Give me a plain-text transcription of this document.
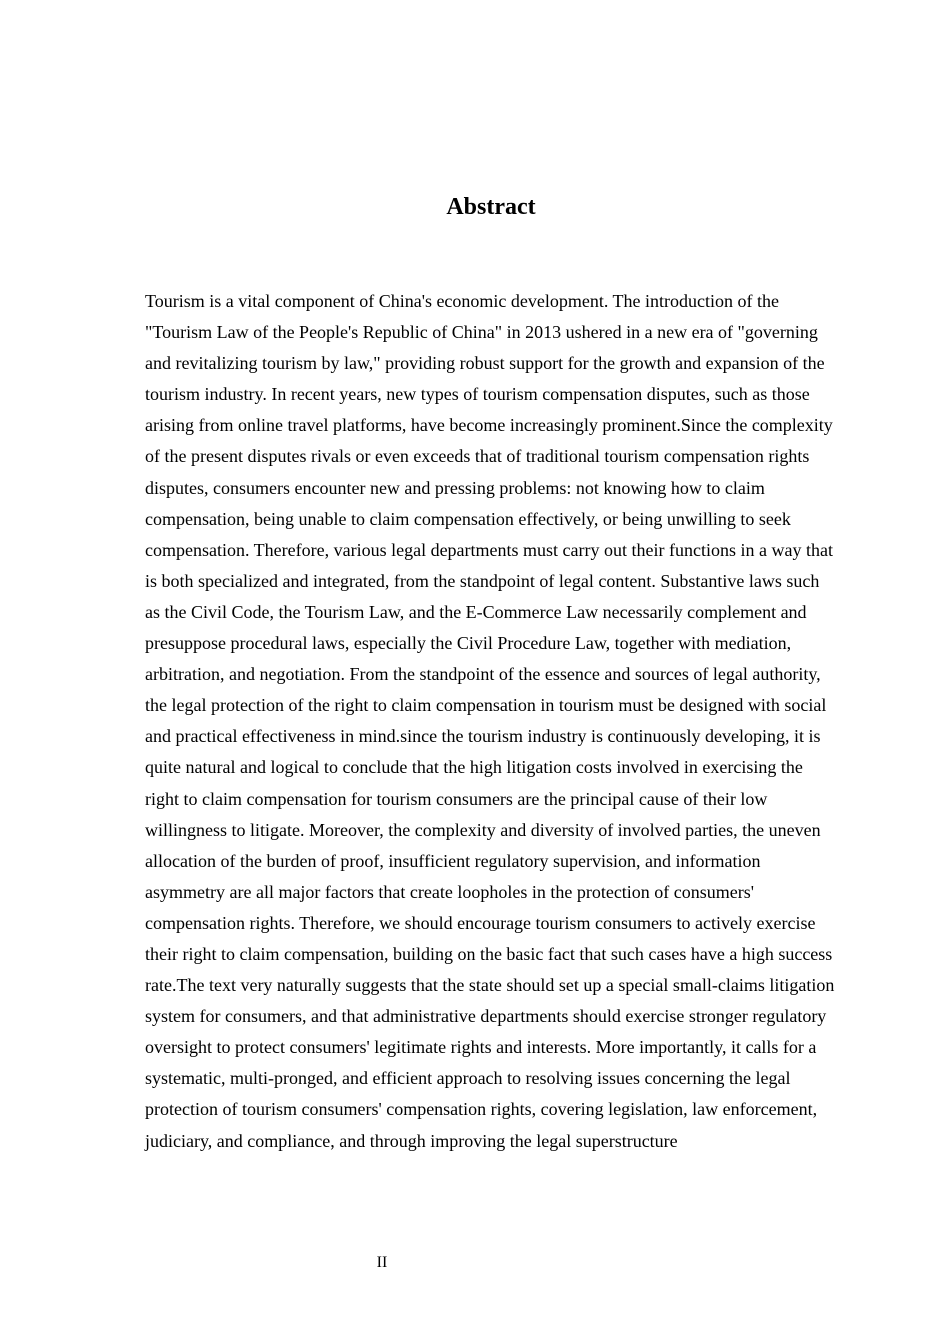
Abstract

Tourism is a vital component of China's economic development. The introduction of the "Tourism Law of the People's Republic of China" in 2013 ushered in a new era of "governing and revitalizing tourism by law," providing robust support for the growth and expansion of the tourism industry. In recent years, new types of tourism compensation disputes, such as those arising from online travel platforms, have become increasingly prominent.Since the complexity of the present disputes rivals or even exceeds that of traditional tourism compensation rights disputes, consumers encounter new and pressing problems: not knowing how to claim compensation, being unable to claim compensation effectively, or being unwilling to seek compensation. Therefore, various legal departments must carry out their functions in a way that is both specialized and integrated, from the standpoint of legal content. Substantive laws such as the Civil Code, the Tourism Law, and the E-Commerce Law necessarily complement and presuppose procedural laws, especially the Civil Procedure Law, together with mediation, arbitration, and negotiation. From the standpoint of the essence and sources of legal authority, the legal protection of the right to claim compensation in tourism must be designed with social and practical effectiveness in mind.since the tourism industry is continuously developing, it is quite natural and logical to conclude that the high litigation costs involved in exercising the right to claim compensation for tourism consumers are the principal cause of their low willingness to litigate. Moreover, the complexity and diversity of involved parties, the uneven allocation of the burden of proof, insufficient regulatory supervision, and information asymmetry are all major factors that create loopholes in the protection of consumers' compensation rights. Therefore, we should encourage tourism consumers to actively exercise their right to claim compensation, building on the basic fact that such cases have a high success rate.The text very naturally suggests that the state should set up a special small-claims litigation system for consumers, and that administrative departments should exercise stronger regulatory oversight to protect consumers' legitimate rights and interests. More importantly, it calls for a systematic, multi-pronged, and efficient approach to resolving issues concerning the legal protection of tourism consumers' compensation rights, covering legislation, law enforcement, judiciary, and compliance, and through improving the legal superstructure

II
